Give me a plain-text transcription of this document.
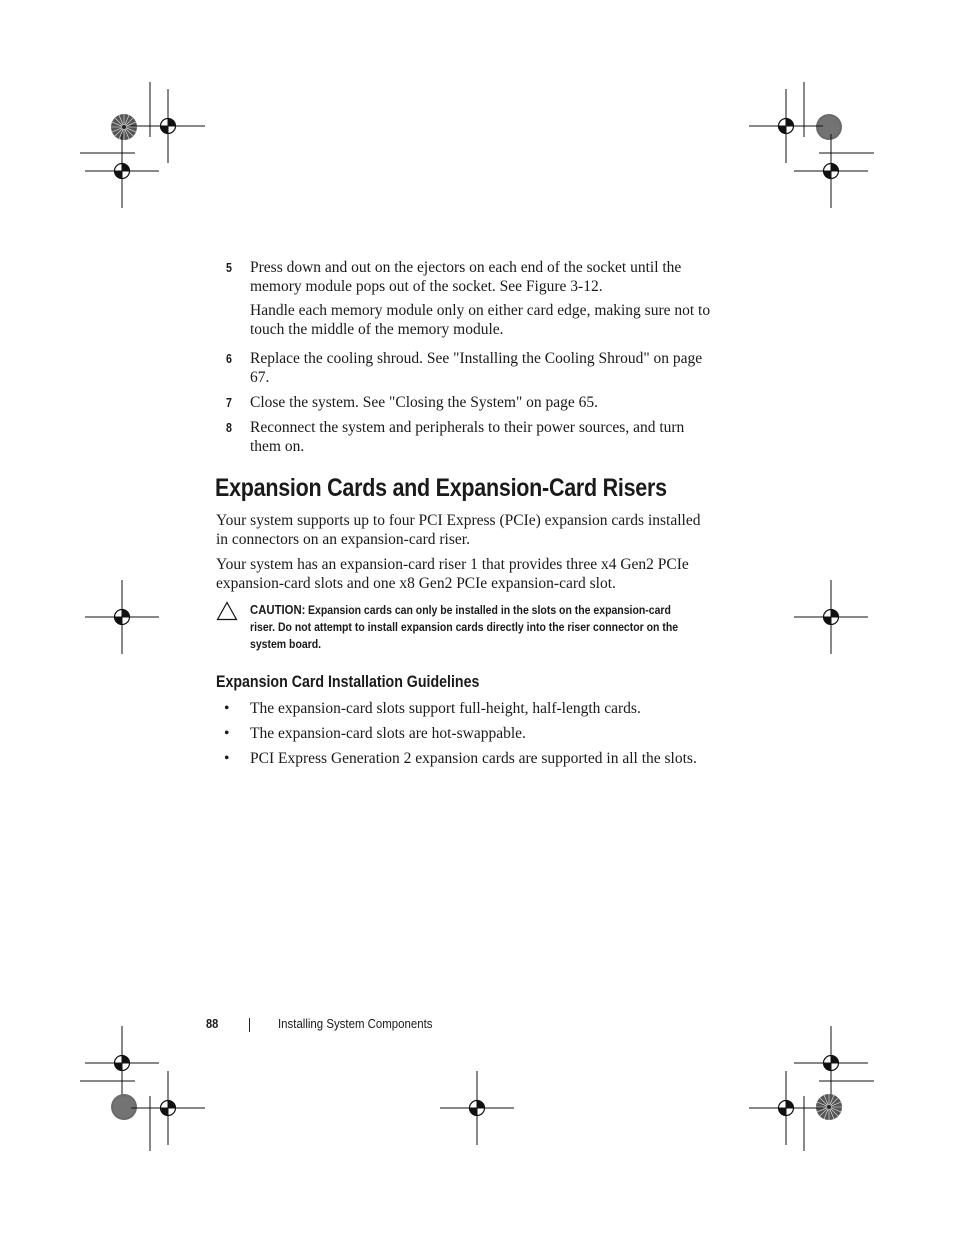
5 Press down and out on the ejectors on each end of the socket until the memory module pops out of the socket. See Figure 3-12.
Handle each memory module only on either card edge, making sure not to touch the middle of the memory module.
6 Replace the cooling shroud. See "Installing the Cooling Shroud" on page 67.
7 Close the system. See "Closing the System" on page 65.
8 Reconnect the system and peripherals to their power sources, and turn them on.
Expansion Cards and Expansion-Card Risers
Your system supports up to four PCI Express (PCIe) expansion cards installed in connectors on an expansion-card riser.
Your system has an expansion-card riser 1 that provides three x4 Gen2 PCIe expansion-card slots and one x8 Gen2 PCIe expansion-card slot.
CAUTION: Expansion cards can only be installed in the slots on the expansion-card riser. Do not attempt to install expansion cards directly into the riser connector on the system board.
Expansion Card Installation Guidelines
• The expansion-card slots support full-height, half-length cards.
• The expansion-card slots are hot-swappable.
• PCI Express Generation 2 expansion cards are supported in all the slots.
88	Installing System Components
